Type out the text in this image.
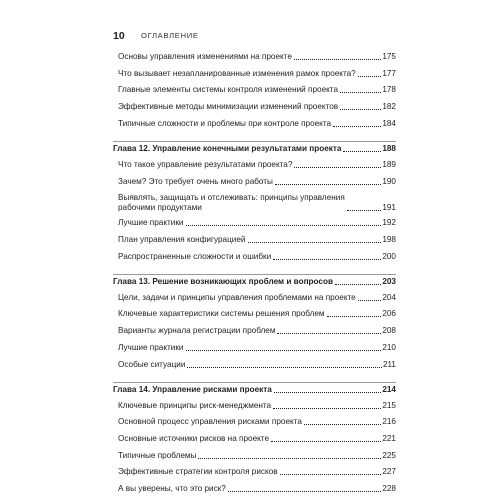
10 ОГЛАВЛЕНИЕ
Основы управления изменениями на проекте	175
Что вызывает незапланированные изменения рамок проекта?	177
Главные элементы системы контроля изменений проекта	178
Эффективные методы минимизации изменений проектов	182
Типичные сложности и проблемы при контроле проекта	184
Глава 12. Управление конечными результатами проекта	188
Что такое управление результатами проекта?	189
Зачем? Это требует очень много работы	190
Выявлять, защищать и отслеживать: принципы управления
рабочими продуктами	191
Лучшие практики	192
План управления конфигурацией	198
Распространенные сложности и ошибки	200
Глава 13. Решение возникающих проблем и вопросов	203
Цели, задачи и принципы управления проблемами на проекте	204
Ключевые характеристики системы решения проблем	206
Варианты журнала регистрации проблем	208
Лучшие практики	210
Особые ситуации	211
Глава 14. Управление рисками проекта	214
Ключевые принципы риск-менеджмента	215
Основной процесс управления рисками проекта	216
Основные источники рисков на проекте	221
Типичные проблемы	225
Эффективные стратегии контроля рисков	227
А вы уверены, что это риск?	228
